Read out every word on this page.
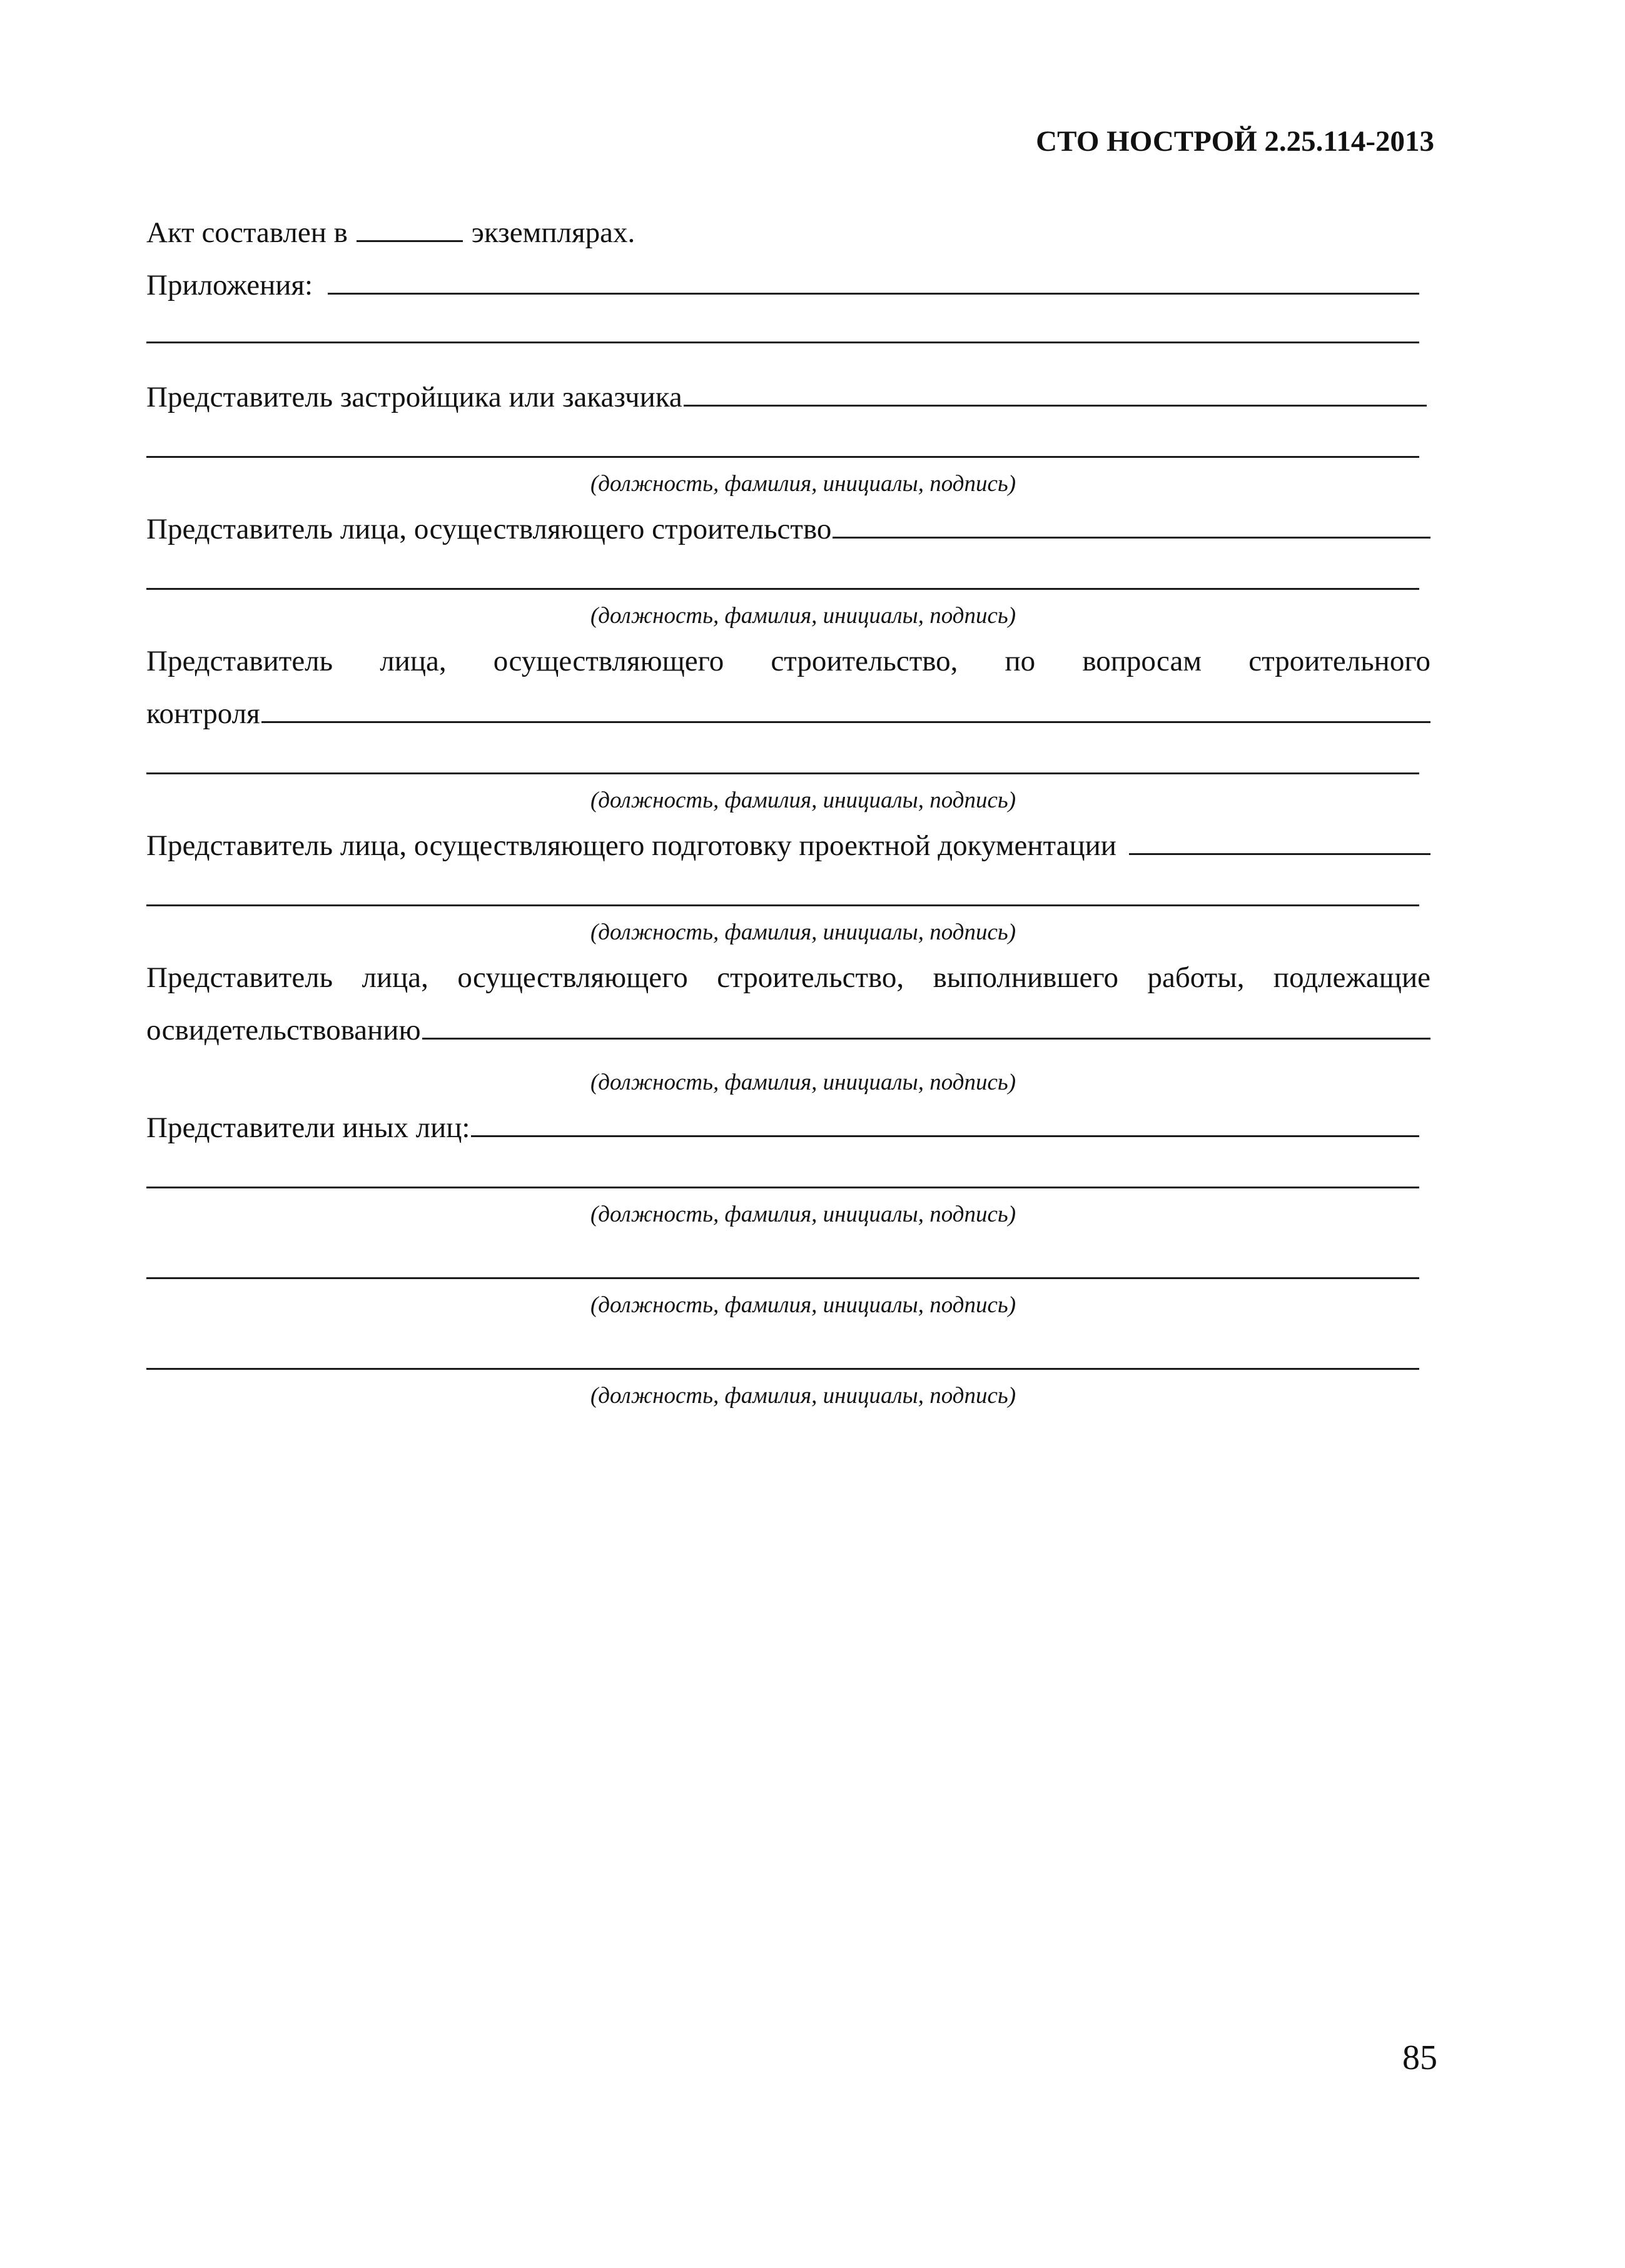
СТО НОСТРОЙ 2.25.114-2013
Акт составлен в	экземплярах.
Приложения:
Представитель застройщика или заказчика
(должность, фамилия, инициалы, подпись)
Представитель лица, осуществляющего строительство
(должность, фамилия, инициалы, подпись)
Представитель лица, осуществляющего строительство, по вопросам строительного
контроля
(должность, фамилия, инициалы, подпись)
Представитель лица, осуществляющего подготовку проектной документации
(должность, фамилия, инициалы, подпись)
Представитель лица, осуществляющего строительство, выполнившего работы, подлежащие
освидетельствованию
(должность, фамилия, инициалы, подпись)
Представители иных лиц:
(должность, фамилия, инициалы, подпись)
(должность, фамилия, инициалы, подпись)
(должность, фамилия, инициалы, подпись)
85
